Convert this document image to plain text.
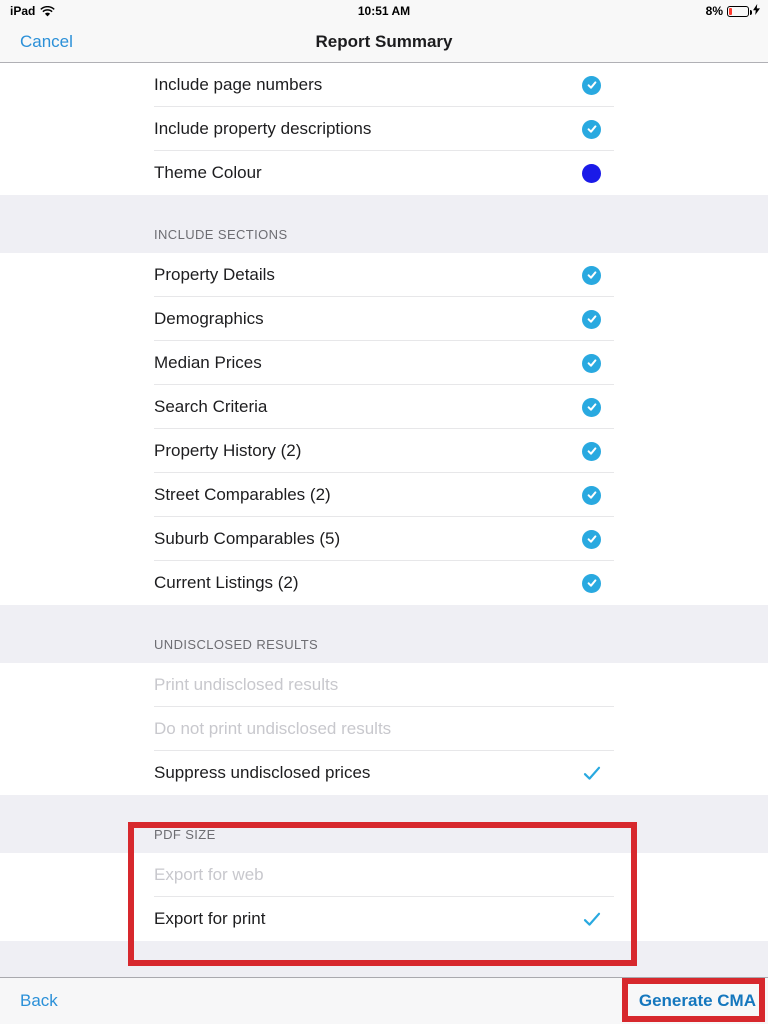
iPad	10:51 AM	8%
Cancel	Report Summary
Include page numbers
Include property descriptions
Theme Colour
INCLUDE SECTIONS
Property Details
Demographics
Median Prices
Search Criteria
Property History (2)
Street Comparables (2)
Suburb Comparables (5)
Current Listings (2)
UNDISCLOSED RESULTS
Print undisclosed results
Do not print undisclosed results
Suppress undisclosed prices
PDF SIZE
Export for web
Export for print
Back	Generate CMA
